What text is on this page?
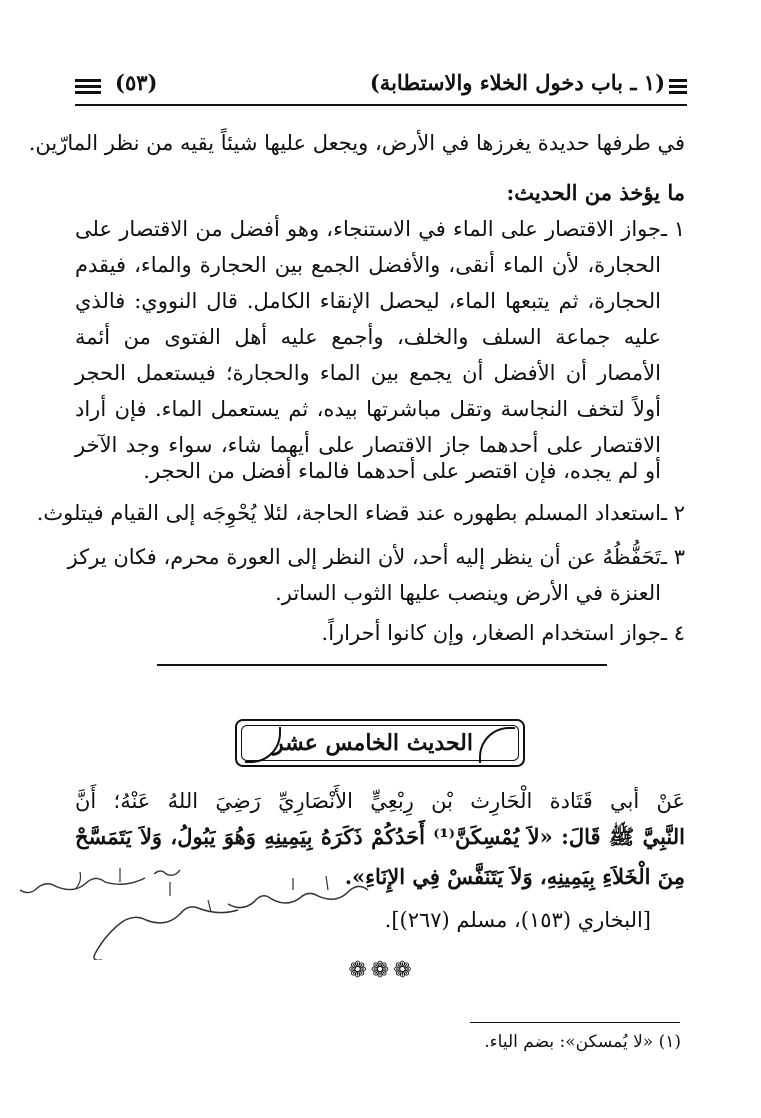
(١ ـ باب دخول الخلاء والاستطابة)
(٥٣)
في طرفها حديدة يغرزها في الأرض، ويجعل عليها شيئاً يقيه من نظر المارّين.
ما يؤخذ من الحديث:
١ ـ
جواز الاقتصار على الماء في الاستنجاء، وهو أفضل من الاقتصار على
الحجارة، لأن الماء أنقى، والأفضل الجمع بين الحجارة والماء، فيقدم
الحجارة، ثم يتبعها الماء، ليحصل الإنقاء الكامل. قال النووي: فالذي
عليه جماعة السلف والخلف، وأجمع عليه أهل الفتوى من أئمة
الأمصار أن الأفضل أن يجمع بين الماء والحجارة؛ فيستعمل الحجر
أولاً لتخف النجاسة وتقل مباشرتها بيده، ثم يستعمل الماء. فإن أراد
الاقتصار على أحدهما جاز الاقتصار على أيهما شاء، سواء وجد الآخر
أو لم يجده، فإن اقتصر على أحدهما فالماء أفضل من الحجر.
٢ ـ
استعداد المسلم بطهوره عند قضاء الحاجة، لئلا يُحْوِجَه إلى القيام فيتلوث.
٣ ـ
تَحَفُّظُهُ عن أن ينظر إليه أحد، لأن النظر إلى العورة محرم، فكان يركز
العنزة في الأرض وينصب عليها الثوب الساتر.
٤ ـ
جواز استخدام الصغار، وإن كانوا أحراراً.
الحديث الخامس عشر
عَنْ أبي قَتَادة الْحَارِث بْن رِبْعِيٍّ الأَنْصَارِيِّ رَضِيَ اللهُ عَنْهُ؛ أَنَّ
النَّبِيَّ ﷺ قَالَ: «لاَ يُمْسِكَنَّ⁽¹⁾ أَحَدُكُمْ ذَكَرَهُ بِيَمِينِهِ وَهُوَ يَبُولُ، وَلاَ يَتَمَسَّحْ
مِنَ الْخَلاَءِ بِيَمِينِهِ، وَلاَ يَتَنَفَّسْ فِي الإِنَاءِ».
[البخاري (١٥٣)، مسلم (٢٦٧)].
❁❁❁
(١) «لا يُمسكن»: بضم الياء.
